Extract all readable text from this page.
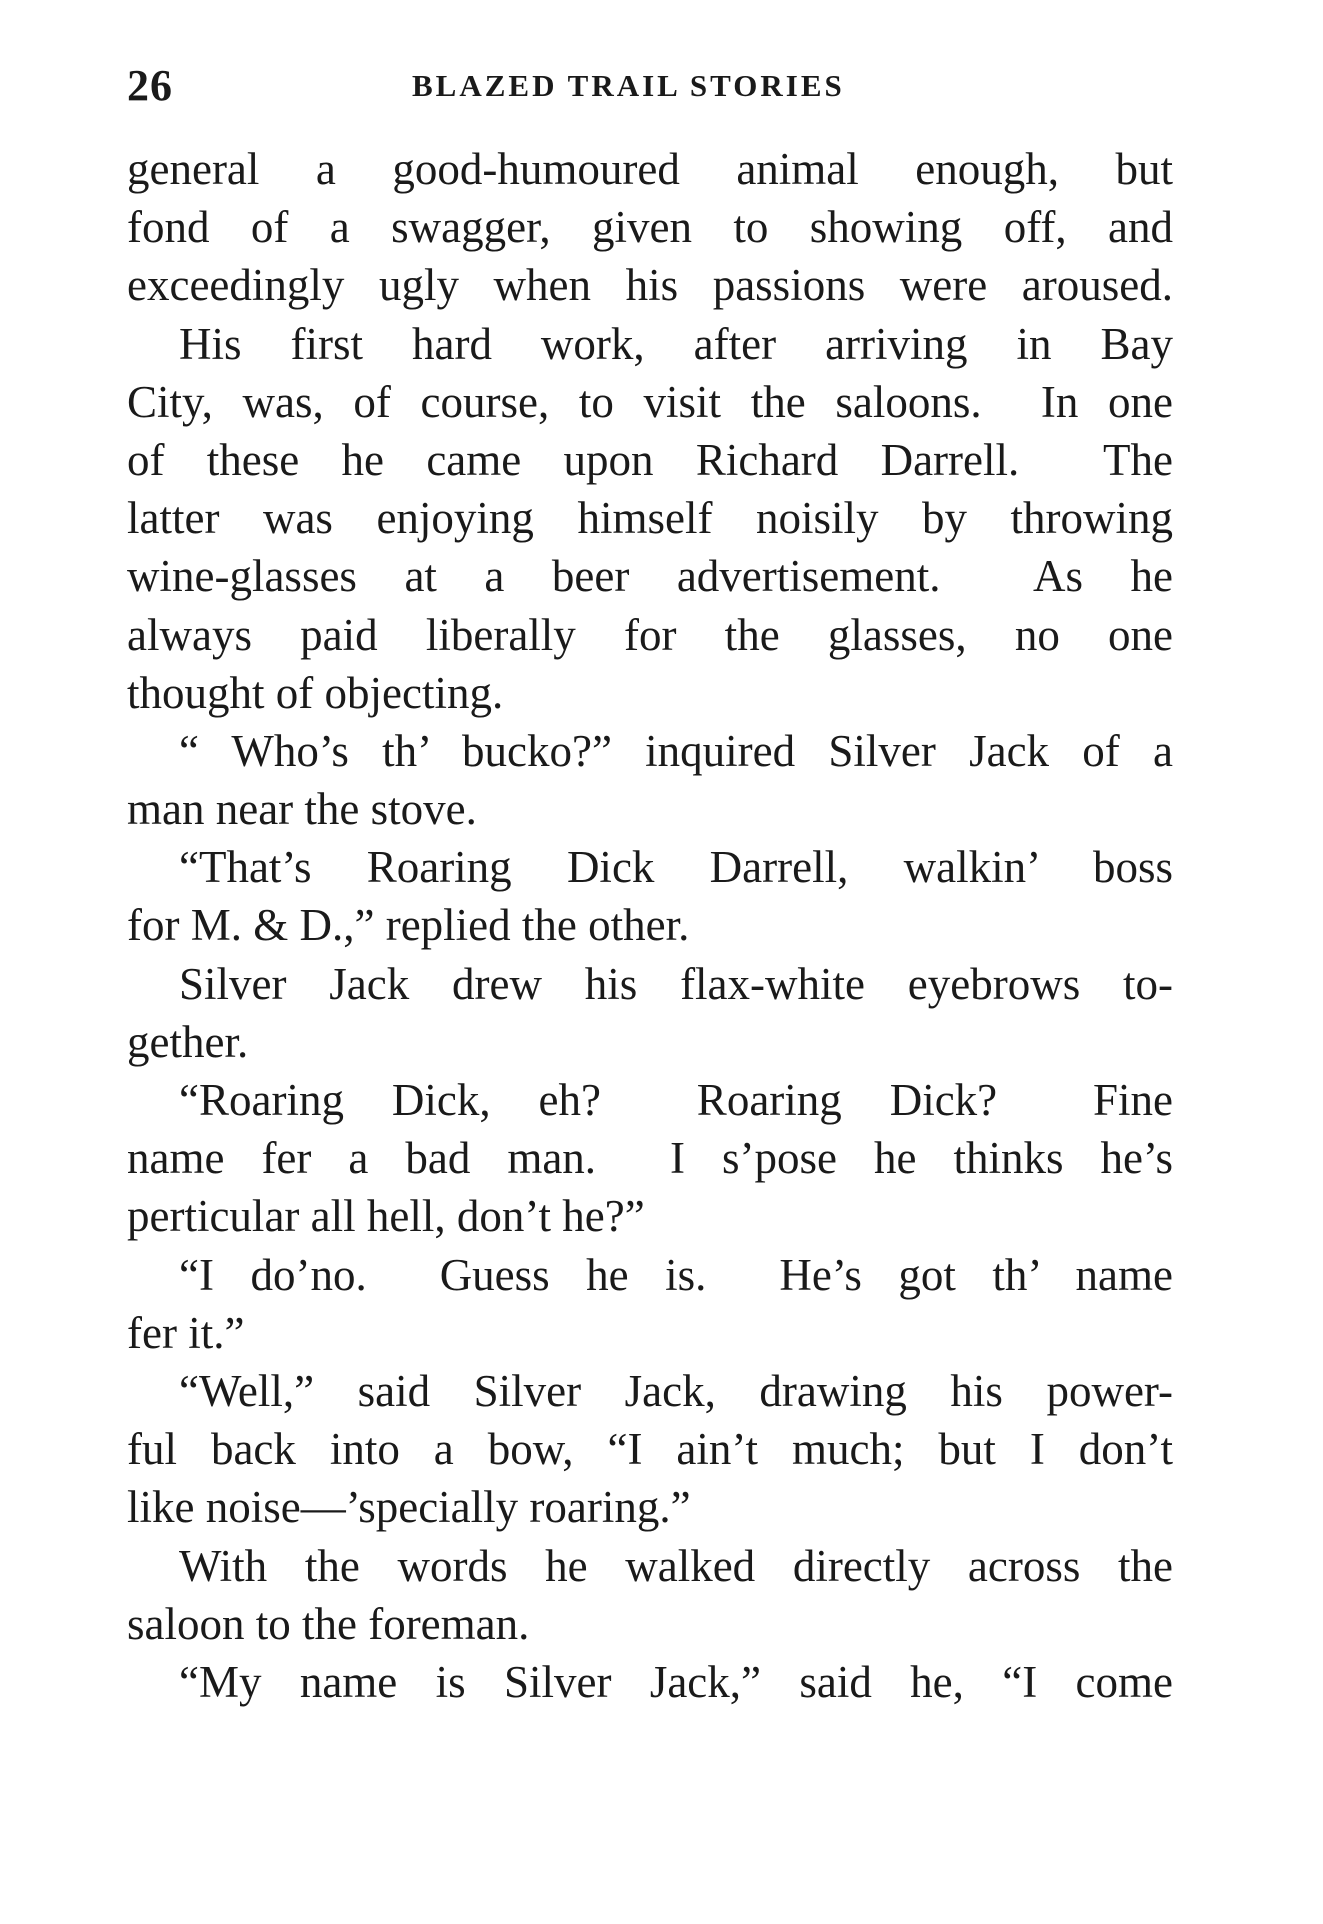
26	BLAZED TRAIL STORIES
general a good-humoured animal enough, but
fond of a swagger, given to showing off, and
exceedingly ugly when his passions were aroused.
His first hard work, after arriving in Bay
City, was, of course, to visit the saloons.  In one
of these he came upon Richard Darrell.  The
latter was enjoying himself noisily by throwing
wine-glasses at a beer advertisement.  As he
always paid liberally for the glasses, no one
thought of objecting.
“ Who’s th’ bucko?” inquired Silver Jack of a
man near the stove.
“That’s Roaring Dick Darrell, walkin’ boss
for M. & D.,” replied the other.
Silver Jack drew his flax-white eyebrows to-
gether.
“Roaring Dick, eh?  Roaring Dick?  Fine
name fer a bad man.  I s’pose he thinks he’s
perticular all hell, don’t he?”
“I do’no.  Guess he is.  He’s got th’ name
fer it.”
“Well,” said Silver Jack, drawing his power-
ful back into a bow, “I ain’t much; but I don’t
like noise—’specially roaring.”
With the words he walked directly across the
saloon to the foreman.
“My name is Silver Jack,” said he, “I come
